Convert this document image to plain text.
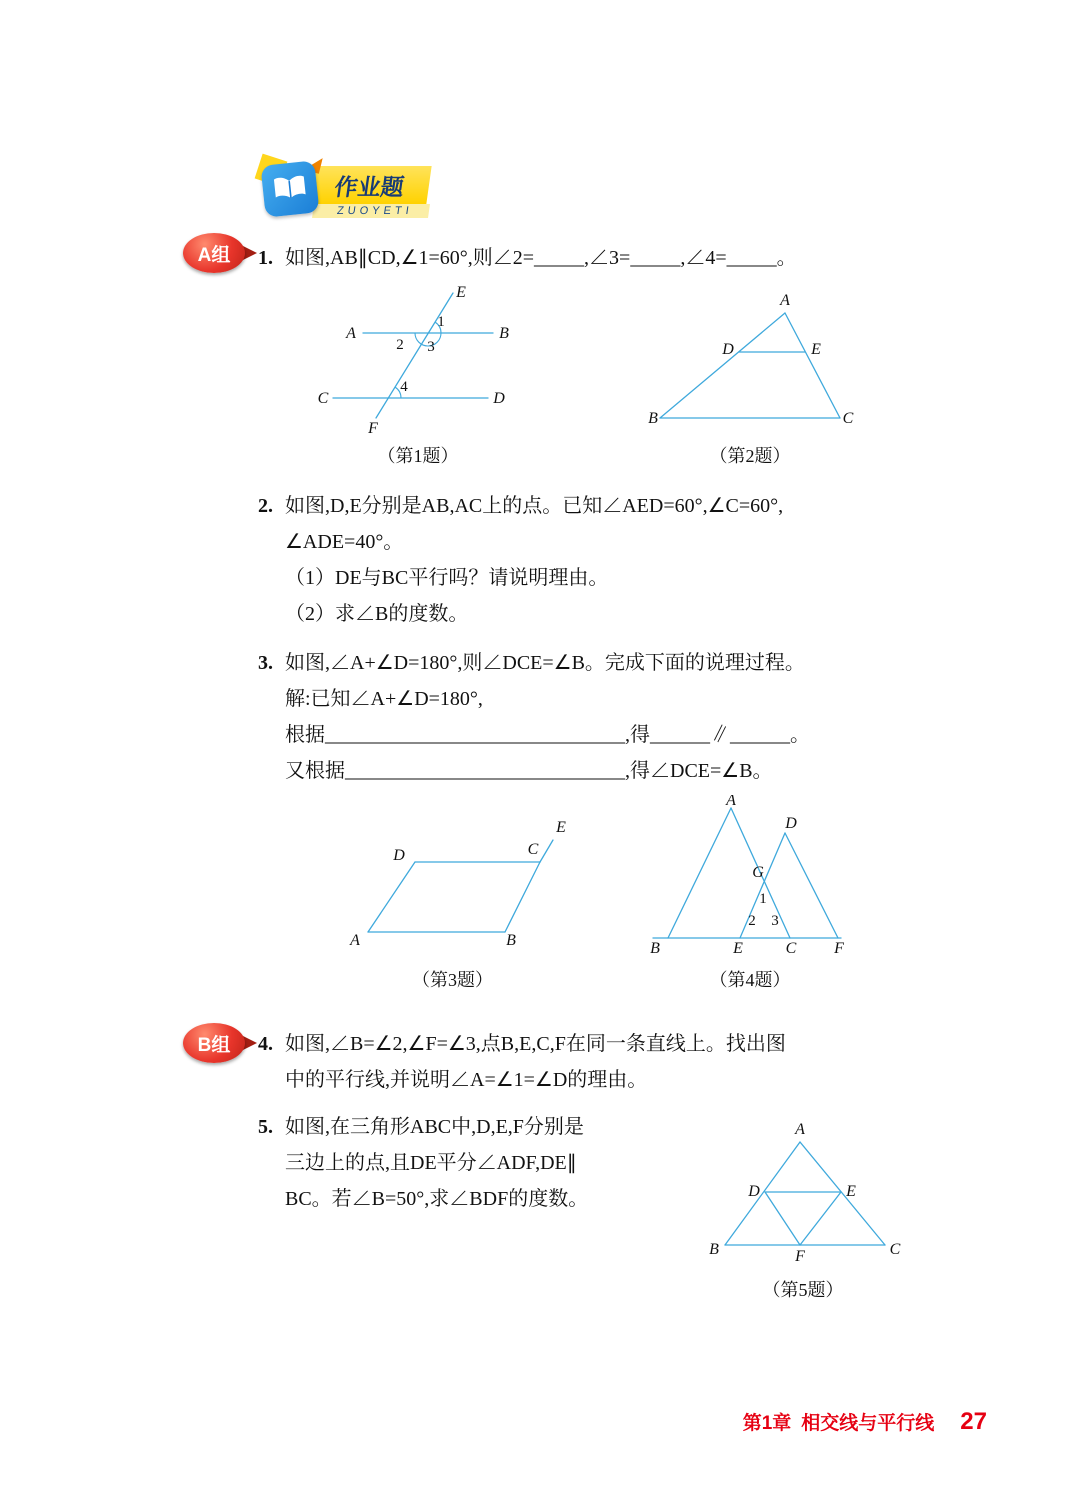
作业题
ZUOYETI
A组	1. 如图,AB∥CD,∠1=60°,则∠2=_____,∠3=_____,∠4=_____。
E
A	B
C	D
F
1
2 3
4
（第1题）
A
B	C
D	E
（第2题）
2. 如图,D,E分别是AB,AC上的点。已知∠AED=60°,∠C=60°,
∠ADE=40°。
（1）DE与BC平行吗？请说明理由。
（2）求∠B的度数。
3. 如图,∠A+∠D=180°,则∠DCE=∠B。完成下面的说理过程。
解:已知∠A+∠D=180°,
根据______________________________,得______∥______。
又根据____________________________,得∠DCE=∠B。
D	C
E
A	B
（第3题）
A
D
G
B	E	C F
1
2 3
（第4题）
B组	4. 如图,∠B=∠2,∠F=∠3,点B,E,C,F在同一条直线上。找出图
中的平行线,并说明∠A=∠1=∠D的理由。
5. 如图,在三角形ABC中,D,E,F分别是
三边上的点,且DE平分∠ADF,DE∥
BC。若∠B=50°,求∠BDF的度数。
A
B	C
D	E
F
（第5题）
第1章 相交线与平行线 27
